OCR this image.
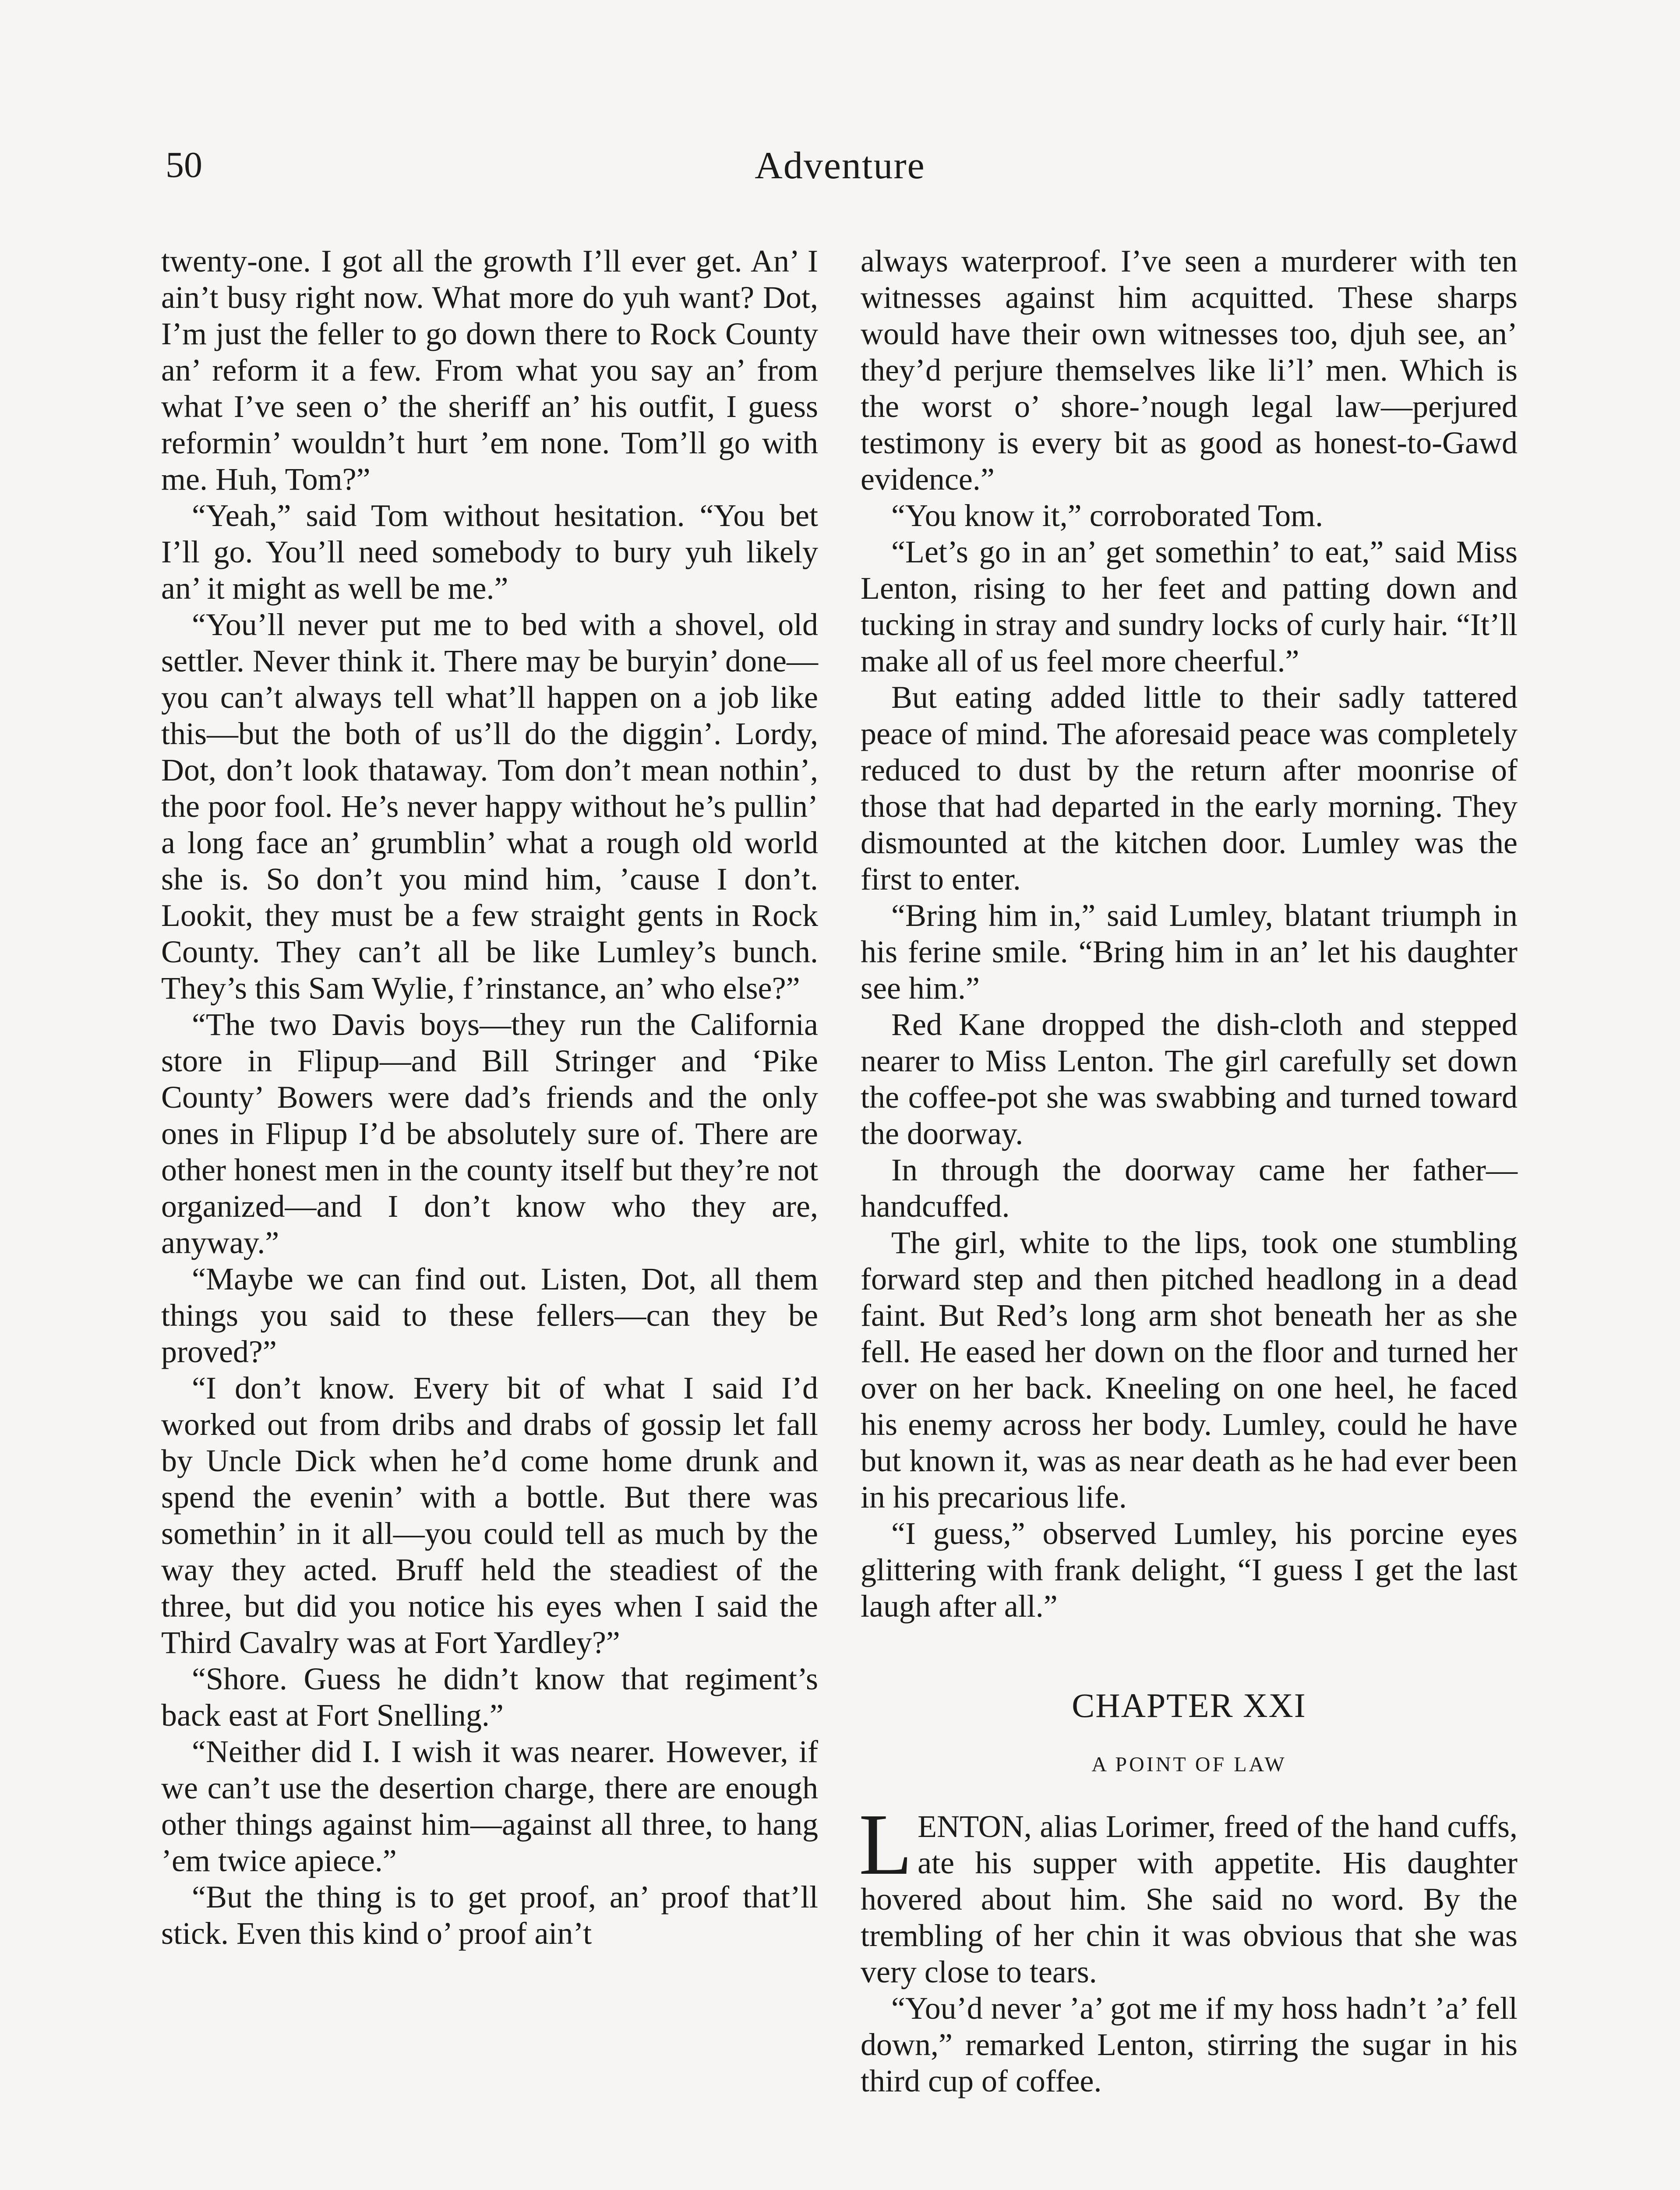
50	Adventure

twenty-one. I got all the growth I’ll ever get. An’ I ain’t busy right now. What more do yuh want? Dot, I’m just the feller to go down there to Rock County an’ reform it a few. From what you say an’ from what I’ve seen o’ the sheriff an’ his outfit, I guess reformin’ wouldn’t hurt ’em none. Tom’ll go with me. Huh, Tom?”

“Yeah,” said Tom without hesitation. “You bet I’ll go. You’ll need somebody to bury yuh likely an’ it might as well be me.”

“You’ll never put me to bed with a shovel, old settler. Never think it. There may be buryin’ done—you can’t always tell what’ll happen on a job like this—but the both of us’ll do the diggin’. Lordy, Dot, don’t look thataway. Tom don’t mean nothin’, the poor fool. He’s never happy without he’s pullin’ a long face an’ grumblin’ what a rough old world she is. So don’t you mind him, ’cause I don’t. Lookit, they must be a few straight gents in Rock County. They can’t all be like Lumley’s bunch. They’s this Sam Wylie, f’rinstance, an’ who else?”

“The two Davis boys—they run the California store in Flipup—and Bill Stringer and ‘Pike County’ Bowers were dad’s friends and the only ones in Flipup I’d be absolutely sure of. There are other honest men in the county itself but they’re not organized—and I don’t know who they are, anyway.”

“Maybe we can find out. Listen, Dot, all them things you said to these fellers—can they be proved?”

“I don’t know. Every bit of what I said I’d worked out from dribs and drabs of gossip let fall by Uncle Dick when he’d come home drunk and spend the evenin’ with a bottle. But there was somethin’ in it all—you could tell as much by the way they acted. Bruff held the steadiest of the three, but did you notice his eyes when I said the Third Cavalry was at Fort Yardley?”

“Shore. Guess he didn’t know that regiment’s back east at Fort Snelling.”

“Neither did I. I wish it was nearer. However, if we can’t use the desertion charge, there are enough other things against him—against all three, to hang ’em twice apiece.”

“But the thing is to get proof, an’ proof that’ll stick. Even this kind o’ proof ain’t

always waterproof. I’ve seen a murderer with ten witnesses against him acquitted. These sharps would have their own witnesses too, djuh see, an’ they’d perjure themselves like li’l’ men. Which is the worst o’ shore-’nough legal law—perjured testimony is every bit as good as honest-to-Gawd evidence.”

“You know it,” corroborated Tom.

“Let’s go in an’ get somethin’ to eat,” said Miss Lenton, rising to her feet and patting down and tucking in stray and sundry locks of curly hair. “It’ll make all of us feel more cheerful.”

But eating added little to their sadly tattered peace of mind. The aforesaid peace was completely reduced to dust by the return after moonrise of those that had departed in the early morning. They dismounted at the kitchen door. Lumley was the first to enter.

“Bring him in,” said Lumley, blatant triumph in his ferine smile. “Bring him in an’ let his daughter see him.”

Red Kane dropped the dish-cloth and stepped nearer to Miss Lenton. The girl carefully set down the coffee-pot she was swabbing and turned toward the doorway.

In through the doorway came her father—handcuffed.

The girl, white to the lips, took one stumbling forward step and then pitched headlong in a dead faint. But Red’s long arm shot beneath her as she fell. He eased her down on the floor and turned her over on her back. Kneeling on one heel, he faced his enemy across her body. Lumley, could he have but known it, was as near death as he had ever been in his precarious life.

“I guess,” observed Lumley, his porcine eyes glittering with frank delight, “I guess I get the last laugh after all.”

CHAPTER XXI
A POINT OF LAW

LENTON, alias Lorimer, freed of the hand cuffs, ate his supper with appetite. His daughter hovered about him. She said no word. By the trembling of her chin it was obvious that she was very close to tears.

“You’d never ’a’ got me if my hoss hadn’t ’a’ fell down,” remarked Lenton, stirring the sugar in his third cup of coffee.
